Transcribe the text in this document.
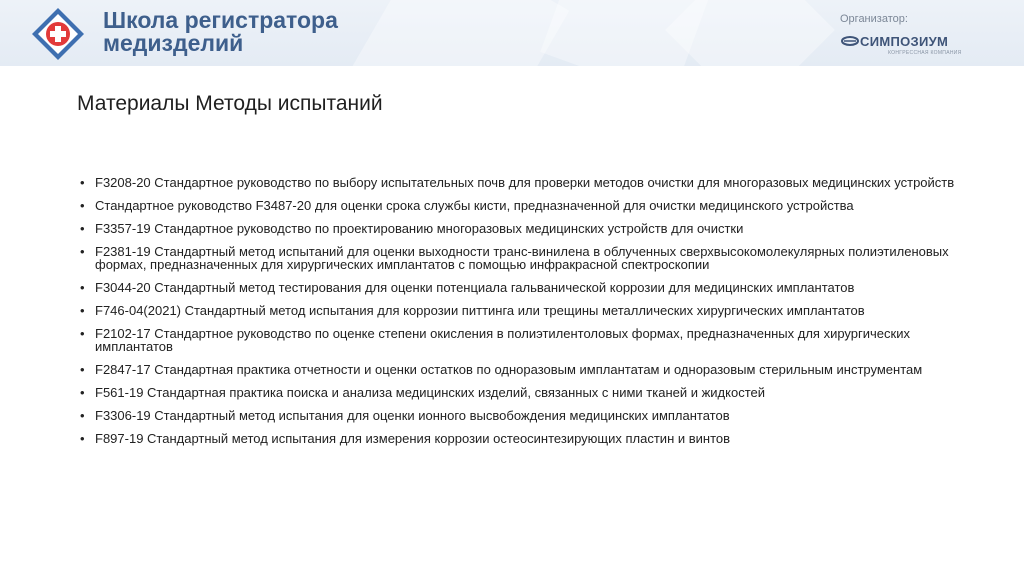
Школа регистратора
медизделий
Организатор:
СИМПОЗИУМ
КОНГРЕССНАЯ КОМПАНИЯ
Материалы Методы испытаний
• F3208-20 Стандартное руководство по выбору испытательных почв для проверки методов очистки для многоразовых медицинских устройств
• Стандартное руководство F3487-20 для оценки срока службы кисти, предназначенной для очистки медицинского устройства
• F3357-19 Стандартное руководство по проектированию многоразовых медицинских устройств для очистки
• F2381-19 Стандартный метод испытаний для оценки выходности транс-винилена в облученных сверхвысокомолекулярных полиэтиленовых формах, предназначенных для хирургических имплантатов с помощью инфракрасной спектроскопии
• F3044-20 Стандартный метод тестирования для оценки потенциала гальванической коррозии для медицинских имплантатов
• F746-04(2021) Стандартный метод испытания для коррозии питтинга или трещины металлических хирургических имплантатов
• F2102-17 Стандартное руководство по оценке степени окисления в полиэтилентоловых формах, предназначенных для хирургических имплантатов
• F2847-17 Стандартная практика отчетности и оценки остатков по одноразовым имплантатам и одноразовым стерильным инструментам
• F561-19 Стандартная практика поиска и анализа медицинских изделий, связанных с ними тканей и жидкостей
• F3306-19 Стандартный метод испытания для оценки ионного высвобождения медицинских имплантатов
• F897-19 Стандартный метод испытания для измерения коррозии остеосинтезирующих пластин и винтов
